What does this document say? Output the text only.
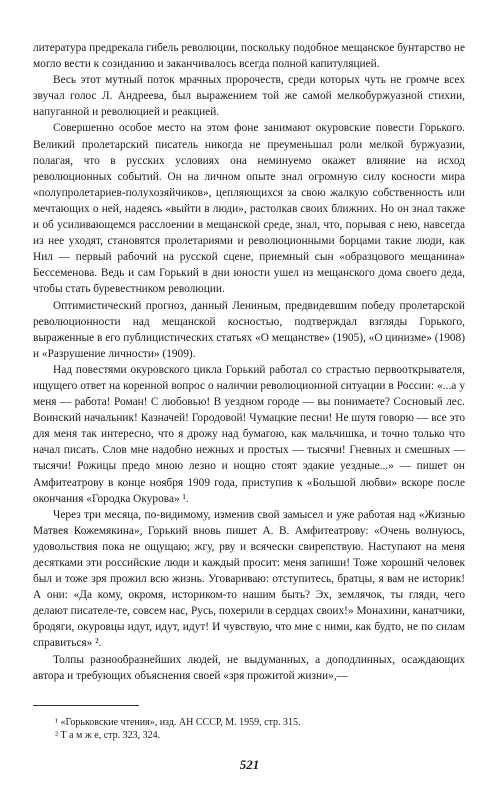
литература предрекала гибель революции, поскольку подобное мещанское бунтарство не могло вести к созиданию и заканчивалось всегда полной капитуляцией.

Весь этот мутный поток мрачных пророчеств, среди которых чуть не громче всех звучал голос Л. Андреева, был выражением той же самой мелкобуржуазной стихии, напуганной и революцией и реакцией.

Совершенно особое место на этом фоне занимают окуровские повести Горького. Великий пролетарский писатель никогда не преуменьшал роли мелкой буржуазии, полагая, что в русских условиях она неминуемо окажет влияние на исход революционных событий. Он на личном опыте знал огромную силу косности мира «полупролетариев-полухозяйчиков», цепляющихся за свою жалкую собственность или мечтающих о ней, надеясь «выйти в люди», растолкав своих ближних. Но он знал также и об усиливающемся расслоении в мещанской среде, знал, что, порывая с нею, навсегда из нее уходят, становятся пролетариями и революционными борцами такие люди, как Нил — первый рабочий на русской сцене, приемный сын «образцового мещанина» Бессеменова. Ведь и сам Горький в дни юности ушел из мещанского дома своего деда, чтобы стать буревестником революции.

Оптимистический прогноз, данный Лениным, предвидевшим победу пролетарской революционности над мещанской косностью, подтверждал взгляды Горького, выраженные в его публицистических статьях «О мещанстве» (1905), «О цинизме» (1908) и «Разрушение личности» (1909).

Над повестями окуровского цикла Горький работал со страстью первооткрывателя, ищущего ответ на коренной вопрос о наличии революционной ситуации в России: «...а у меня — работа! Роман! С любовью! В уездном городе — вы понимаете? Сосновый лес. Воинский начальник! Казначей! Городовой! Чумацкие песни! Не шутя говорю — все это для меня так интересно, что я дрожу над бумагою, как мальчишка, и точно только что начал писать. Слов мне надобно нежных и простых — тысячи! Гневных и смешных — тысячи! Рожицы предо мною лезно и нощно стоят эдакие уездные...» — пишет он Амфитеатрову в конце ноября 1909 года, приступив к «Большой любви» вскоре после окончания «Городка Окурова» ¹.

Через три месяца, по-видимому, изменив свой замысел и уже работая над «Жизнью Матвея Кожемякина», Горький вновь пишет А. В. Амфитеатрову: «Очень волнуюсь, удовольствия пока не ощущаю; жгу, рву и всячески свирепствую. Наступают на меня десятками эти российские люди и каждый просит: меня запиши! Тоже хороший человек был и тоже зря прожил всю жизнь. Уговариваю: отступитесь, братцы, я вам не историк! А они: «Да кому, окромя, историком-то нашим быть? Эх, землячок, ты гляди, чего делают писателе-те, совсем нас, Русь, похерили в сердцах своих!» Монахини, канатчики, бродяги, окуровцы идут, идут, идут! И чувствую, что мне с ними, как будто, не по силам справиться» ².

Толпы разнообразнейших людей, не выдуманных, а доподлинных, осаждающих автора и требующих объяснения своей «зря прожитой жизни»,—

¹ «Горьковские чтения», изд. АН СССР, М. 1959, стр. 315.

² Т а м ж е, стр. 323, 324.

521
